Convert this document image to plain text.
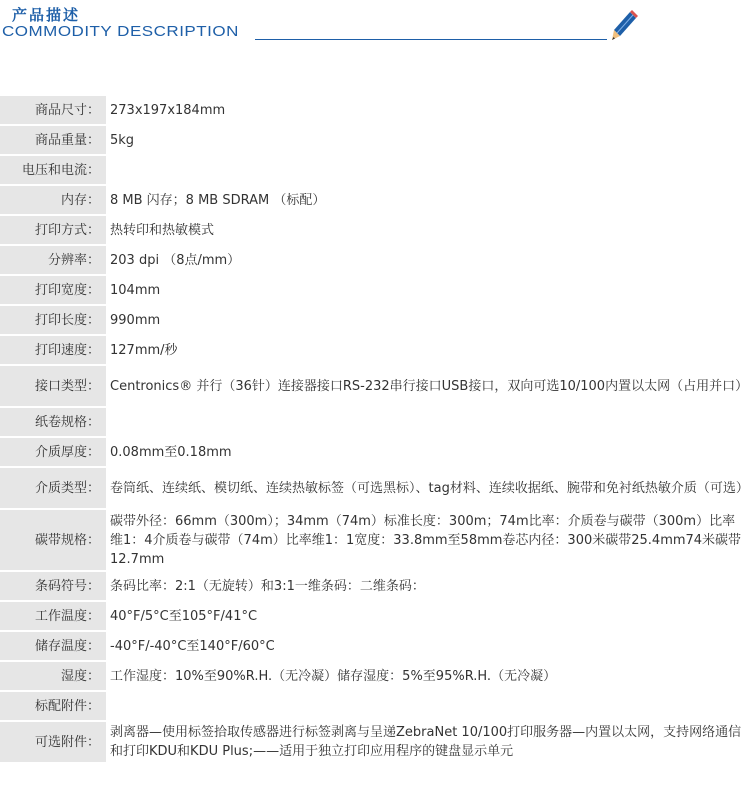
产品描述
COMMODITY DESCRIPTION
商品尺寸：	273x197x184mm
商品重量：	5kg
电压和电流：	
内存：	8 MB 闪存；8 MB SDRAM （标配）
打印方式：	热转印和热敏模式
分辨率：	203 dpi （8点/mm）
打印宽度：	104mm
打印长度：	990mm
打印速度：	127mm/秒
接口类型：	Centronics® 并行（36针）连接器接口RS-232串行接口USB接口，双向可选10/100内置以太网（占用并口）
纸卷规格：	
介质厚度：	0.08mm至0.18mm
介质类型：	卷筒纸、连续纸、模切纸、连续热敏标签（可选黑标）、tag材料、连续收据纸、腕带和免衬纸热敏介质（可选）
碳带规格：	碳带外径：66mm（300m）；34mm（74m）标准长度：300m；74m比率：介质卷与碳带（300m）比率维1：4介质卷与碳带（74m）比率维1：1宽度：33.8mm至58mm卷芯内径：300米碳带25.4mm74米碳带 12.7mm
条码符号：	条码比率：2:1（无旋转）和3:1一维条码：二维条码：
工作温度：	40°F/5°C至105°F/41°C
储存温度：	-40°F/-40°C至140°F/60°C
湿度：	工作湿度：10%至90%R.H.（无冷凝）储存湿度：5%至95%R.H.（无冷凝）
标配附件：	
可选附件：	剥离器—使用标签拾取传感器进行标签剥离与呈递ZebraNet 10/100打印服务器—内置以太网，支持网络通信和打印KDU和KDU Plus;——适用于独立打印应用程序的键盘显示单元
